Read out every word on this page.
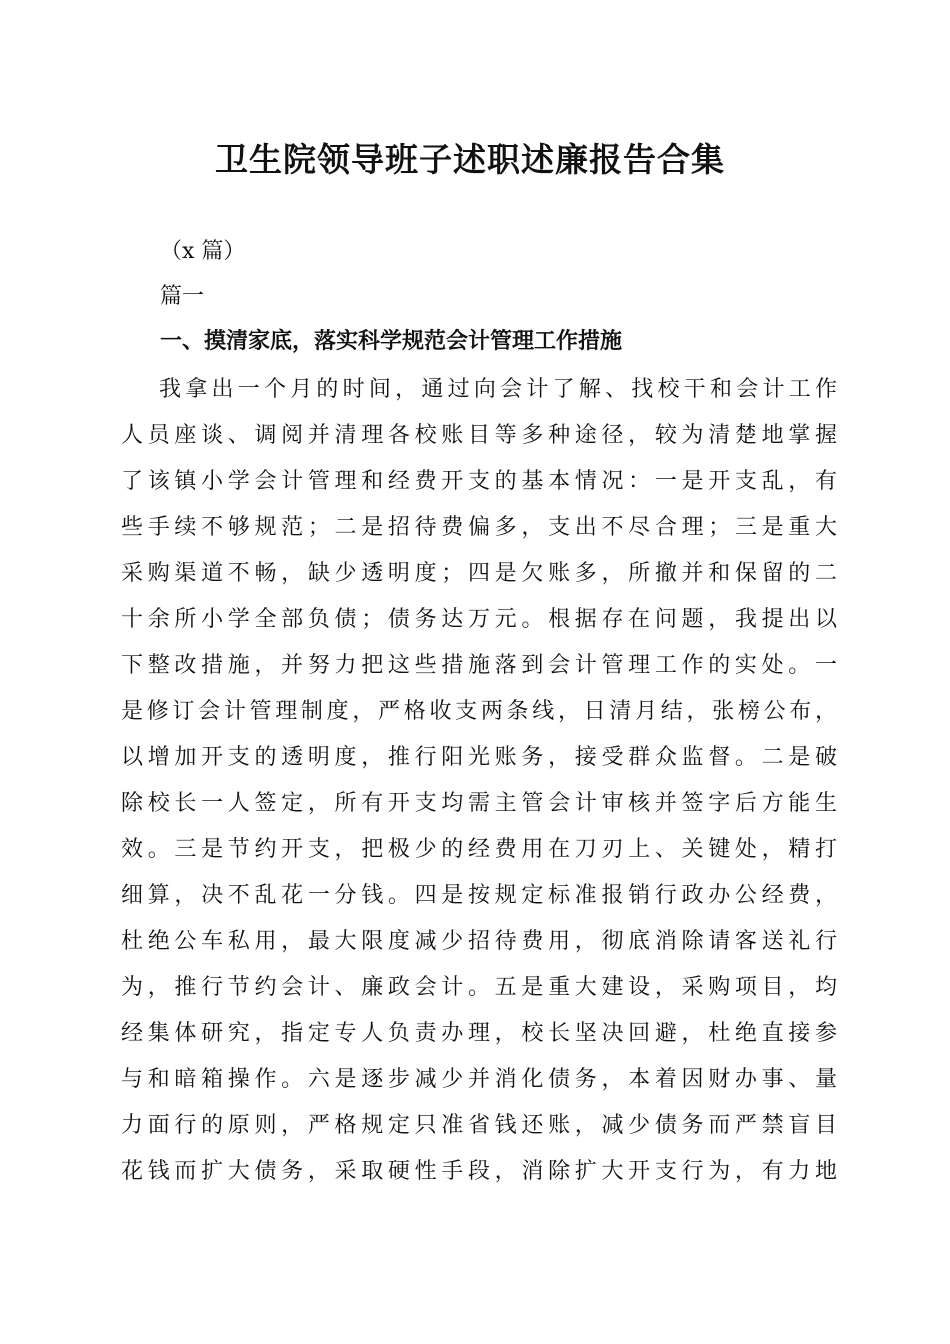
卫生院领导班子述职述廉报告合集
（x 篇）
篇一
一、摸清家底，落实科学规范会计管理工作措施
我拿出一个月的时间，通过向会计了解、找校干和会计工作
人员座谈、调阅并清理各校账目等多种途径，较为清楚地掌握
了该镇小学会计管理和经费开支的基本情况：一是开支乱，有
些手续不够规范；二是招待费偏多，支出不尽合理；三是重大
采购渠道不畅，缺少透明度；四是欠账多，所撤并和保留的二
十余所小学全部负债；债务达万元。根据存在问题，我提出以
下整改措施，并努力把这些措施落到会计管理工作的实处。一
是修订会计管理制度，严格收支两条线，日清月结，张榜公布，
以增加开支的透明度，推行阳光账务，接受群众监督。二是破
除校长一人签定，所有开支均需主管会计审核并签字后方能生
效。三是节约开支，把极少的经费用在刀刃上、关键处，精打
细算，决不乱花一分钱。四是按规定标准报销行政办公经费，
杜绝公车私用，最大限度减少招待费用，彻底消除请客送礼行
为，推行节约会计、廉政会计。五是重大建设，采购项目，均
经集体研究，指定专人负责办理，校长坚决回避，杜绝直接参
与和暗箱操作。六是逐步减少并消化债务，本着因财办事、量
力面行的原则，严格规定只准省钱还账，减少债务而严禁盲目
花钱而扩大债务，采取硬性手段，消除扩大开支行为，有力地
